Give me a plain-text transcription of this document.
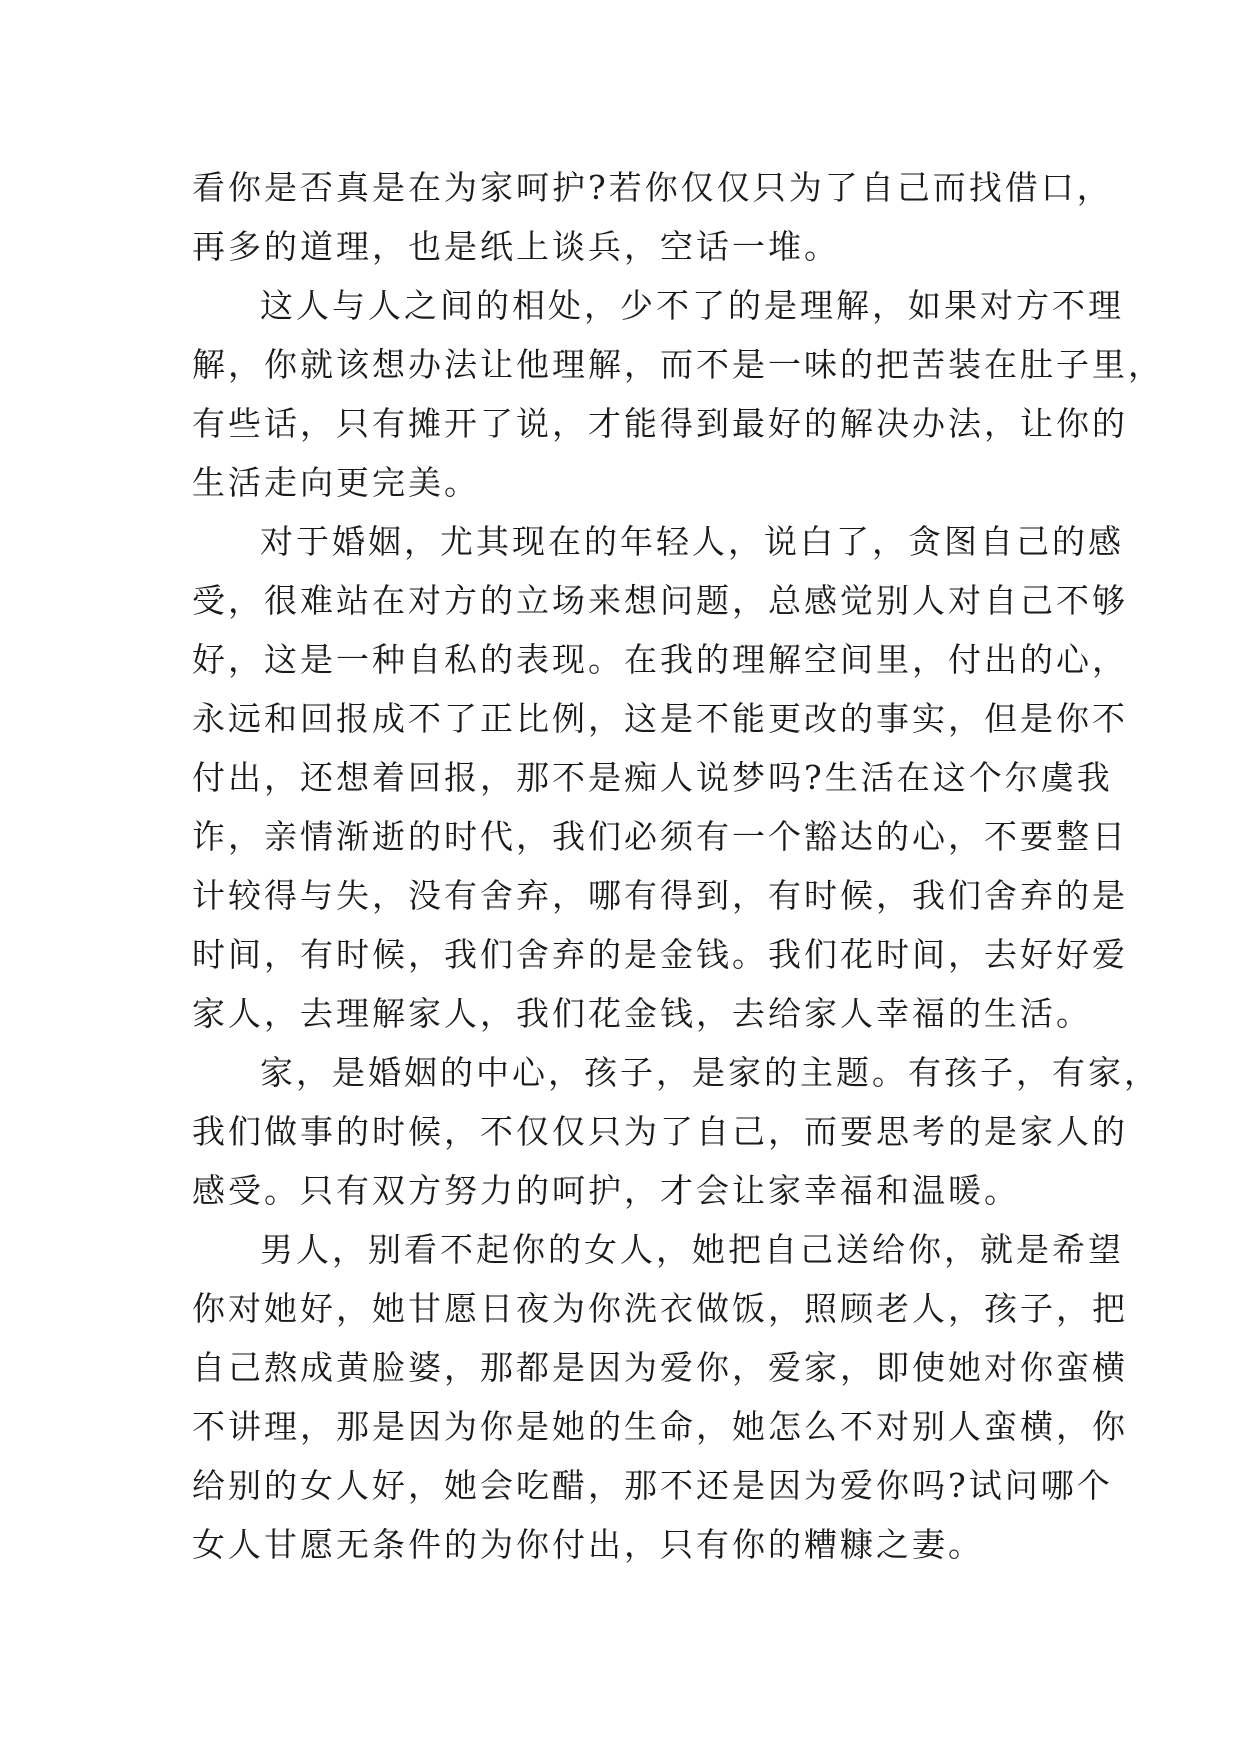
看你是否真是在为家呵护?若你仅仅只为了自己而找借口，
再多的道理，也是纸上谈兵，空话一堆。
这人与人之间的相处，少不了的是理解，如果对方不理
解，你就该想办法让他理解，而不是一味的把苦装在肚子里，
有些话，只有摊开了说，才能得到最好的解决办法，让你的
生活走向更完美。
对于婚姻，尤其现在的年轻人，说白了，贪图自己的感
受，很难站在对方的立场来想问题，总感觉别人对自己不够
好，这是一种自私的表现。在我的理解空间里，付出的心，
永远和回报成不了正比例，这是不能更改的事实，但是你不
付出，还想着回报，那不是痴人说梦吗?生活在这个尔虞我
诈，亲情渐逝的时代，我们必须有一个豁达的心，不要整日
计较得与失，没有舍弃，哪有得到，有时候，我们舍弃的是
时间，有时候，我们舍弃的是金钱。我们花时间，去好好爱
家人，去理解家人，我们花金钱，去给家人幸福的生活。
家，是婚姻的中心，孩子，是家的主题。有孩子，有家，
我们做事的时候，不仅仅只为了自己，而要思考的是家人的
感受。只有双方努力的呵护，才会让家幸福和温暖。
男人，别看不起你的女人，她把自己送给你，就是希望
你对她好，她甘愿日夜为你洗衣做饭，照顾老人，孩子，把
自己熬成黄脸婆，那都是因为爱你，爱家，即使她对你蛮横
不讲理，那是因为你是她的生命，她怎么不对别人蛮横，你
给别的女人好，她会吃醋，那不还是因为爱你吗?试问哪个
女人甘愿无条件的为你付出，只有你的糟糠之妻。
